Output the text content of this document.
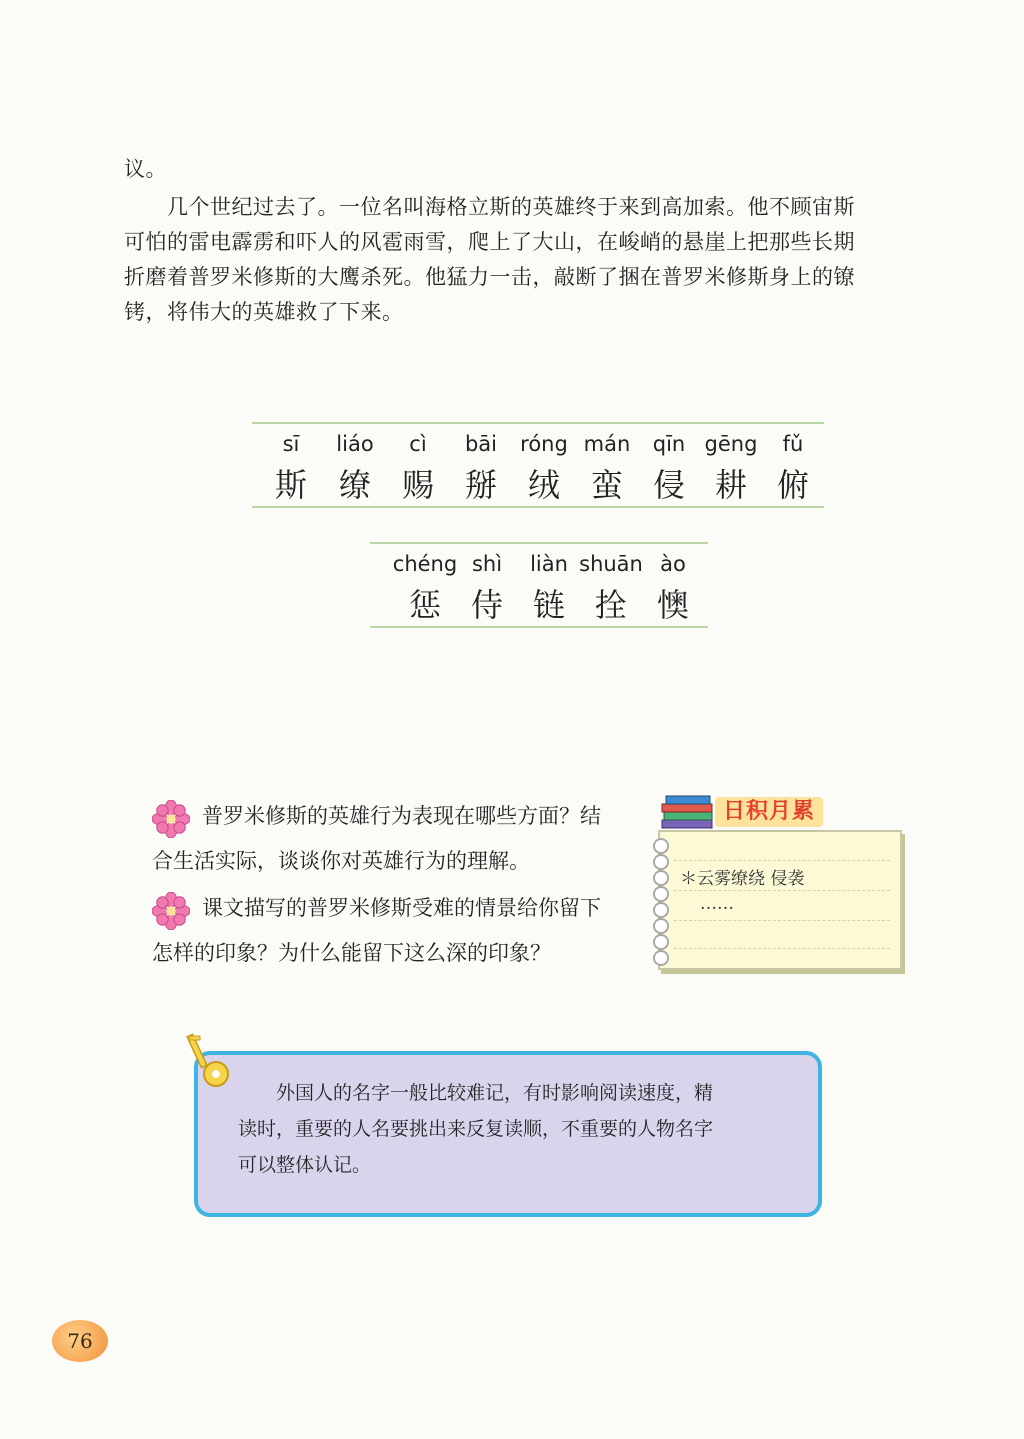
议。
　　几个世纪过去了。一位名叫海格立斯的英雄终于来到高加索。他不顾宙斯
可怕的雷电霹雳和吓人的风雹雨雪，爬上了大山，在峻峭的悬崖上把那些长期
折磨着普罗米修斯的大鹰杀死。他猛力一击，敲断了捆在普罗米修斯身上的镣
铐，将伟大的英雄救了下来。
sī
斯
liáo
缭
cì
赐
bāi
掰
róng
绒
mán
蛮
qīn
侵
gēng
耕
fǔ
俯
chéng
惩
shì
侍
liàn
链
shuān
拴
ào
懊
普罗米修斯的英雄行为表现在哪些方面？结
合生活实际，谈谈你对英雄行为的理解。
课文描写的普罗米修斯受难的情景给你留下
怎样的印象？为什么能留下这么深的印象？
日积月累
＊云雾缭绕 侵袭
……
　　外国人的名字一般比较难记，有时影响阅读速度，精
读时，重要的人名要挑出来反复读顺，不重要的人物名字
可以整体认记。
76
